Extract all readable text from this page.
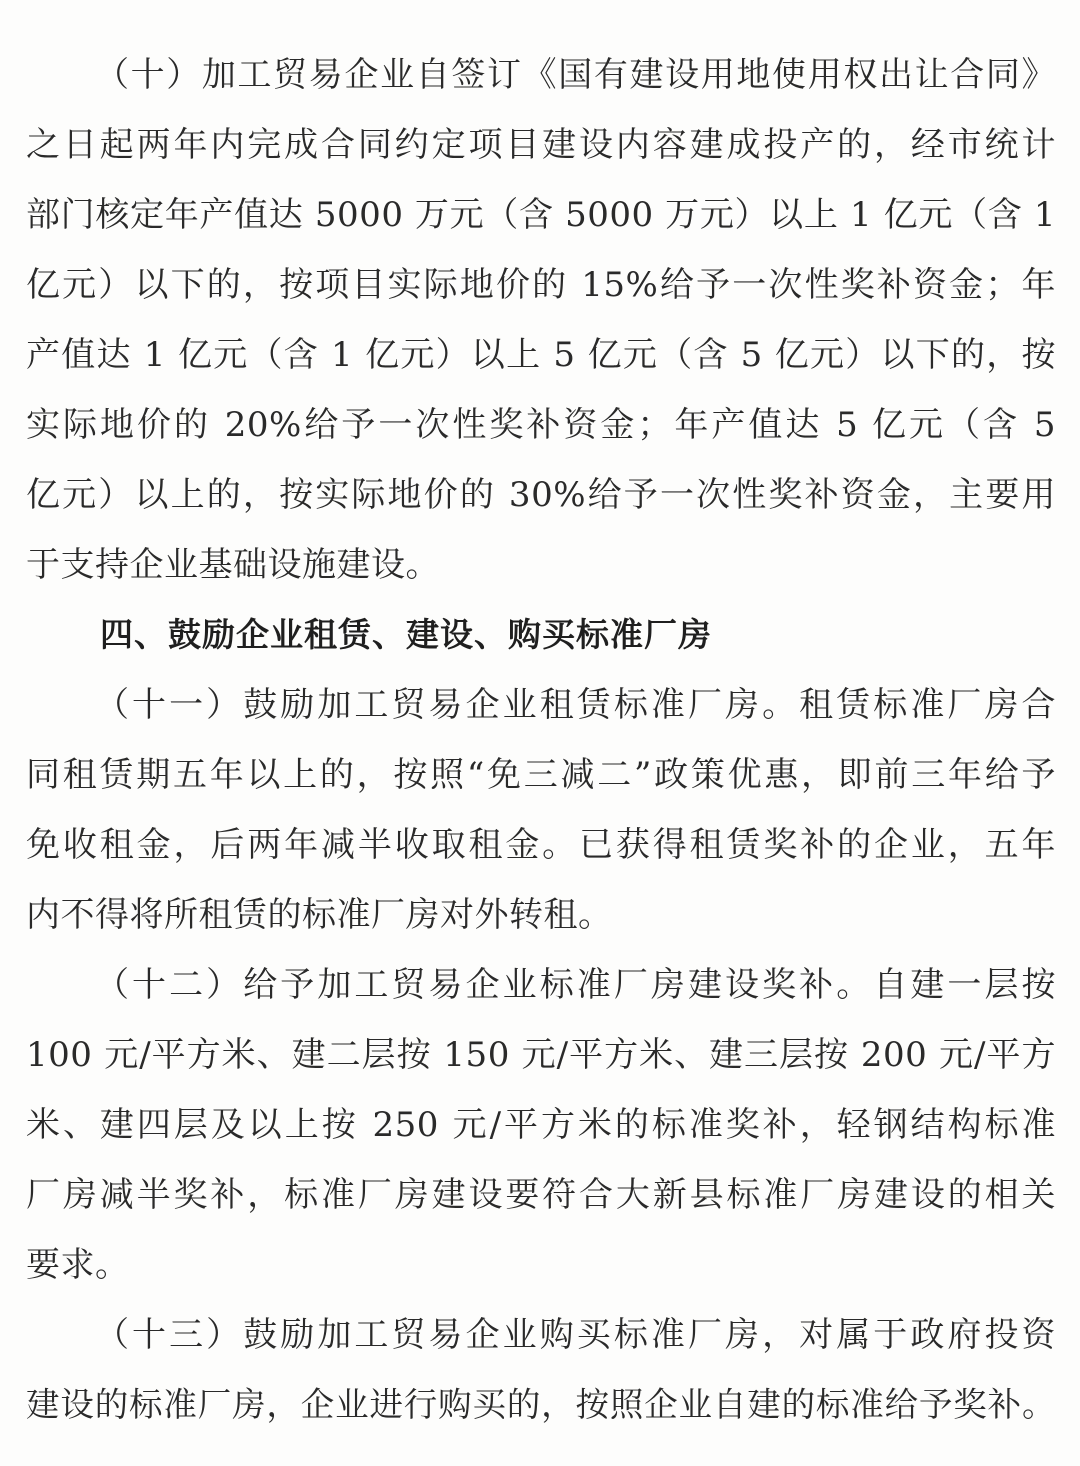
（十）加工贸易企业自签订《国有建设用地使用权出让合同》
之日起两年内完成合同约定项目建设内容建成投产的，经市统计
部门核定年产值达 5000 万元（含 5000 万元）以上 1 亿元（含 1
亿元）以下的，按项目实际地价的 15%给予一次性奖补资金；年
产值达 1 亿元（含 1 亿元）以上 5 亿元（含 5 亿元）以下的，按
实际地价的 20%给予一次性奖补资金；年产值达 5 亿元（含 5
亿元）以上的，按实际地价的 30%给予一次性奖补资金，主要用
于支持企业基础设施建设。
四、鼓励企业租赁、建设、购买标准厂房
（十一）鼓励加工贸易企业租赁标准厂房。租赁标准厂房合
同租赁期五年以上的，按照“免三减二”政策优惠，即前三年给予
免收租金，后两年减半收取租金。已获得租赁奖补的企业，五年
内不得将所租赁的标准厂房对外转租。
（十二）给予加工贸易企业标准厂房建设奖补。自建一层按
100 元/平方米、建二层按 150 元/平方米、建三层按 200 元/平方
米、建四层及以上按 250 元/平方米的标准奖补，轻钢结构标准
厂房减半奖补，标准厂房建设要符合大新县标准厂房建设的相关
要求。
（十三）鼓励加工贸易企业购买标准厂房，对属于政府投资
建设的标准厂房，企业进行购买的，按照企业自建的标准给予奖补。
